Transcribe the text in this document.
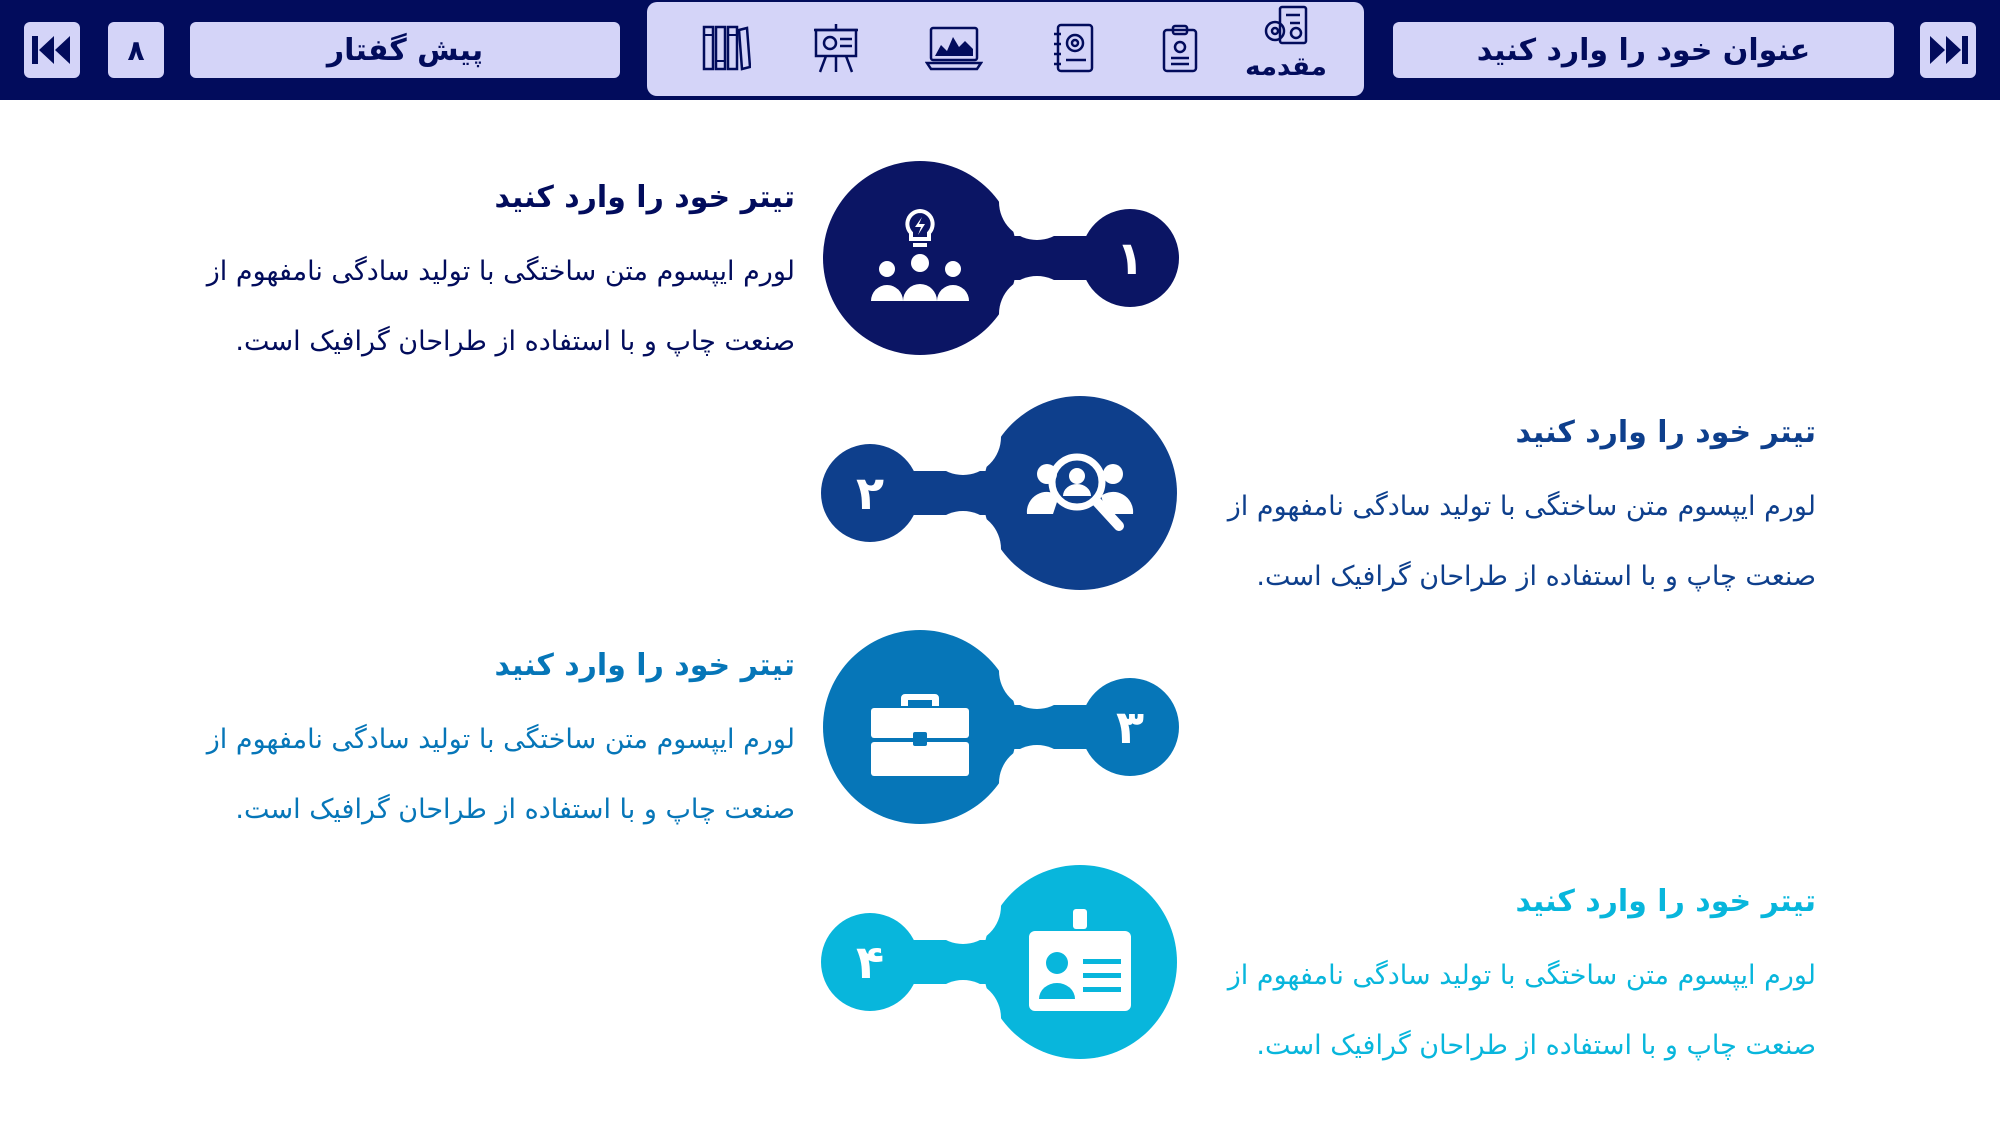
۸	پیش گفتار	مقدمه	عنوان خود را وارد کنید
۱
تیتر خود را وارد کنید
لورم ایپسوم متن ساختگی با تولید سادگی نامفهوم از
صنعت چاپ و با استفاده از طراحان گرافیک است.
۲
تیتر خود را وارد کنید
لورم ایپسوم متن ساختگی با تولید سادگی نامفهوم از
صنعت چاپ و با استفاده از طراحان گرافیک است.
۳
تیتر خود را وارد کنید
لورم ایپسوم متن ساختگی با تولید سادگی نامفهوم از
صنعت چاپ و با استفاده از طراحان گرافیک است.
۴
تیتر خود را وارد کنید
لورم ایپسوم متن ساختگی با تولید سادگی نامفهوم از
صنعت چاپ و با استفاده از طراحان گرافیک است.
